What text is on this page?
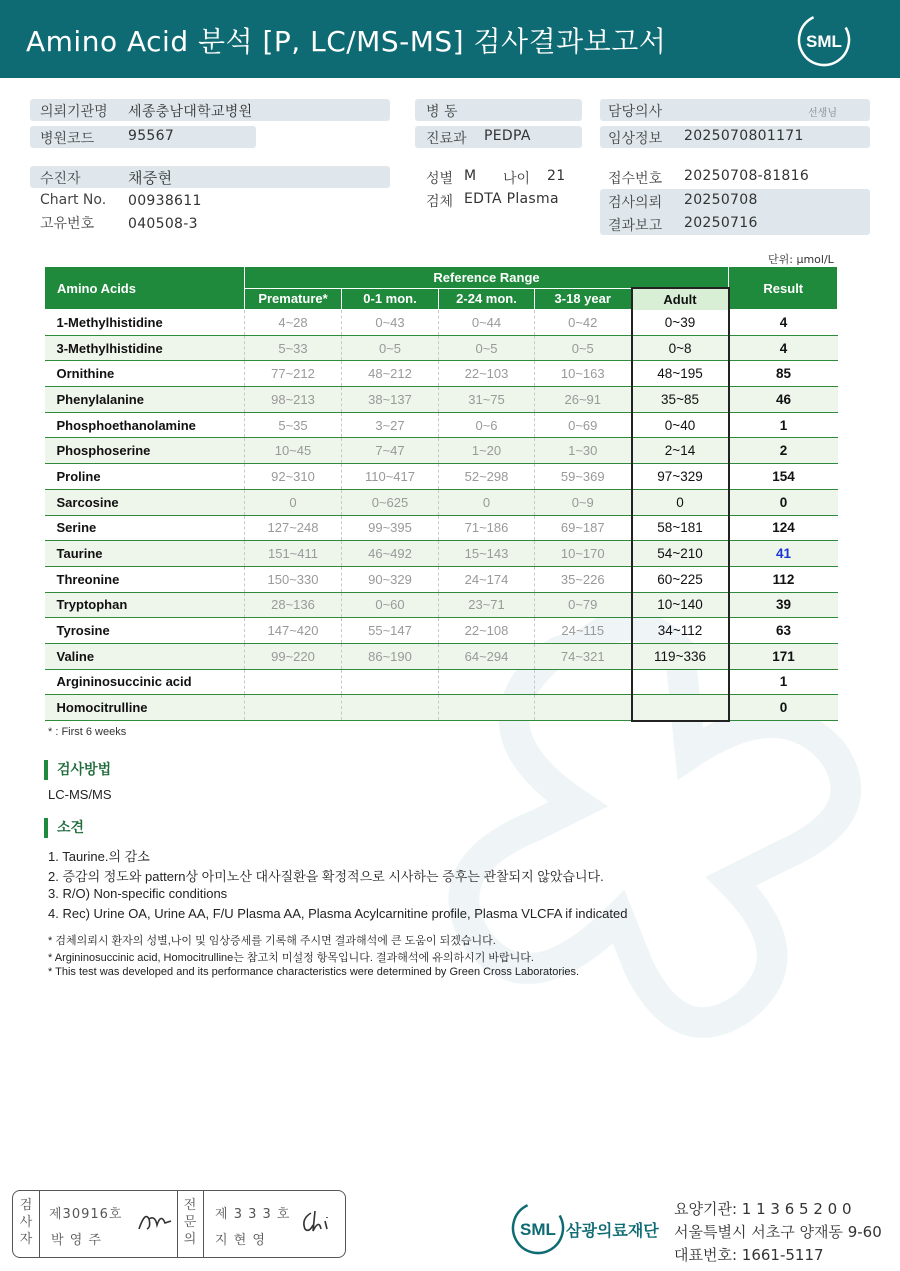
Amino Acid 분석 [P, LC/MS-MS] 검사결과보고서	SML
의뢰기관명 세종충남대학교병원
병원코드 95567
병 동
진료과 PEDPA
담당의사	선생님
임상정보 2025070801171
수진자	채중현
Chart No. 00938611
고유번호 040508-3
성별 M 나이 21
검체 EDTA Plasma
접수번호 20250708-81816
검사의뢰 20250708
결과보고 20250716
단위: μmol/L
Amino Acids	Reference Range					Result
	Premature*	0-1 mon.	2-24 mon.	3-18 year	Adult	
1-Methylhistidine	4~28	0~43	0~44	0~42	0~39	4
3-Methylhistidine	5~33	0~5	0~5	0~5	0~8	4
Ornithine	77~212	48~212	22~103	10~163	48~195	85
Phenylalanine	98~213	38~137	31~75	26~91	35~85	46
Phosphoethanolamine	5~35	3~27	0~6	0~69	0~40	1
Phosphoserine	10~45	7~47	1~20	1~30	2~14	2
Proline	92~310	110~417	52~298	59~369	97~329	154
Sarcosine	0	0~625	0	0~9	0	0
Serine	127~248	99~395	71~186	69~187	58~181	124
Taurine	151~411	46~492	15~143	10~170	54~210	41
Threonine	150~330	90~329	24~174	35~226	60~225	112
Tryptophan	28~136	0~60	23~71	0~79	10~140	39
Tyrosine	147~420	55~147	22~108	24~115	34~112	63
Valine	99~220	86~190	64~294	74~321	119~336	171
Argininosuccinic acid						1
Homocitrulline						0
* : First 6 weeks
검사방법
LC-MS/MS
소견
1. Taurine.의 감소
2. 증감의 정도와 pattern상 아미노산 대사질환을 확정적으로 시사하는 증후는 관찰되지 않았습니다.
3. R/O) Non-specific conditions
4. Rec) Urine OA, Urine AA, F/U Plasma AA, Plasma Acylcarnitine profile, Plasma VLCFA if indicated
* 검체의뢰시 환자의 성별,나이 및 임상증세를 기록해 주시면 결과해석에 큰 도움이 되겠습니다.
* Argininosuccinic acid, Homocitrulline는 참고치 미설정 항목입니다. 결과해석에 유의하시기 바랍니다.
* This test was developed and its performance characteristics were determined by Green Cross Laboratories.
검
사
자
제30916호
박 영 주
전
문
의
제 3 3 3 호
지 현 영
SML 삼광의료재단
요양기관: 1 1 3 6 5 2 0 0
서울특별시 서초구 양재동 9-60
대표번호: 1661-5117
